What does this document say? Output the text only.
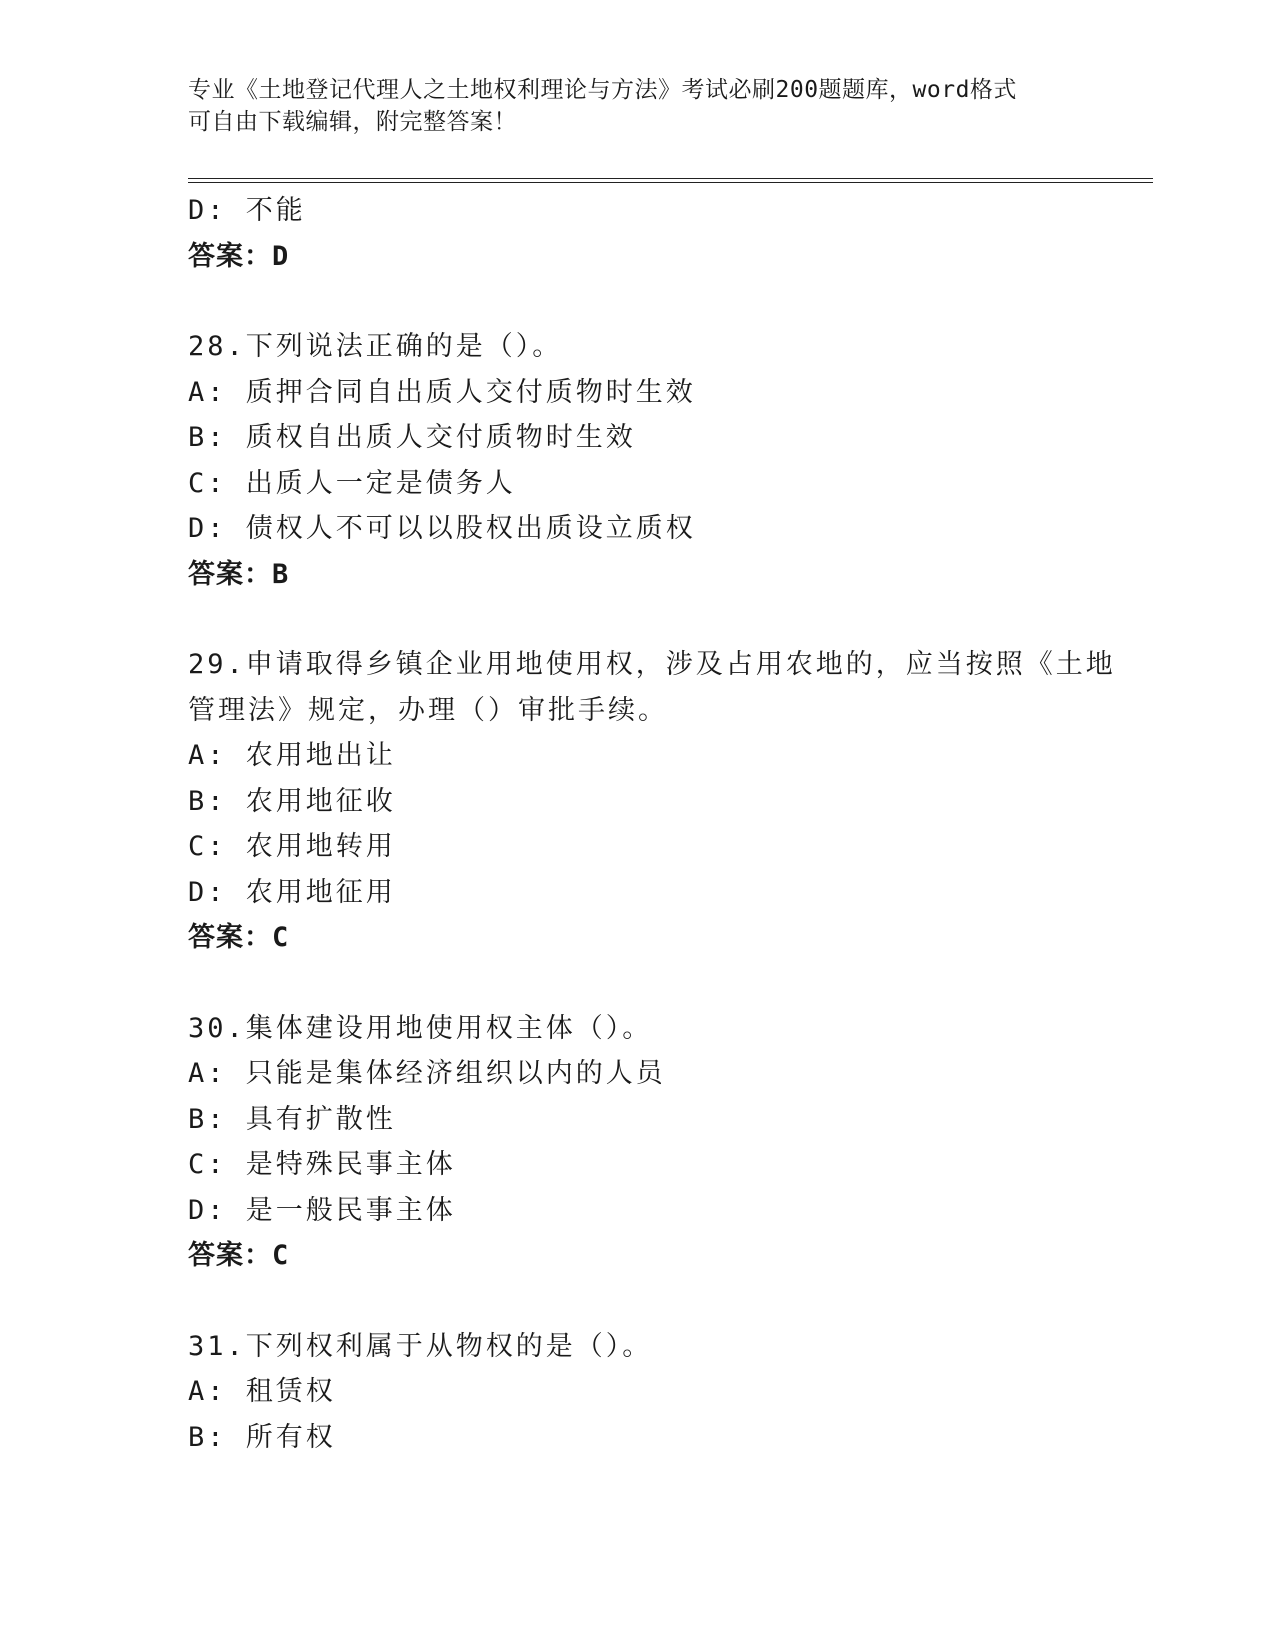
专业《土地登记代理人之土地权利理论与方法》考试必刷200题题库，word格式
可自由下载编辑，附完整答案！
D: 不能
答案：D
28.下列说法正确的是（）。
A: 质押合同自出质人交付质物时生效
B: 质权自出质人交付质物时生效
C: 出质人一定是债务人
D: 债权人不可以以股权出质设立质权
答案：B
29.申请取得乡镇企业用地使用权，涉及占用农地的，应当按照《土地
管理法》规定，办理（）审批手续。
A: 农用地出让
B: 农用地征收
C: 农用地转用
D: 农用地征用
答案：C
30.集体建设用地使用权主体（）。
A: 只能是集体经济组织以内的人员
B: 具有扩散性
C: 是特殊民事主体
D: 是一般民事主体
答案：C
31.下列权利属于从物权的是（）。
A: 租赁权
B: 所有权
